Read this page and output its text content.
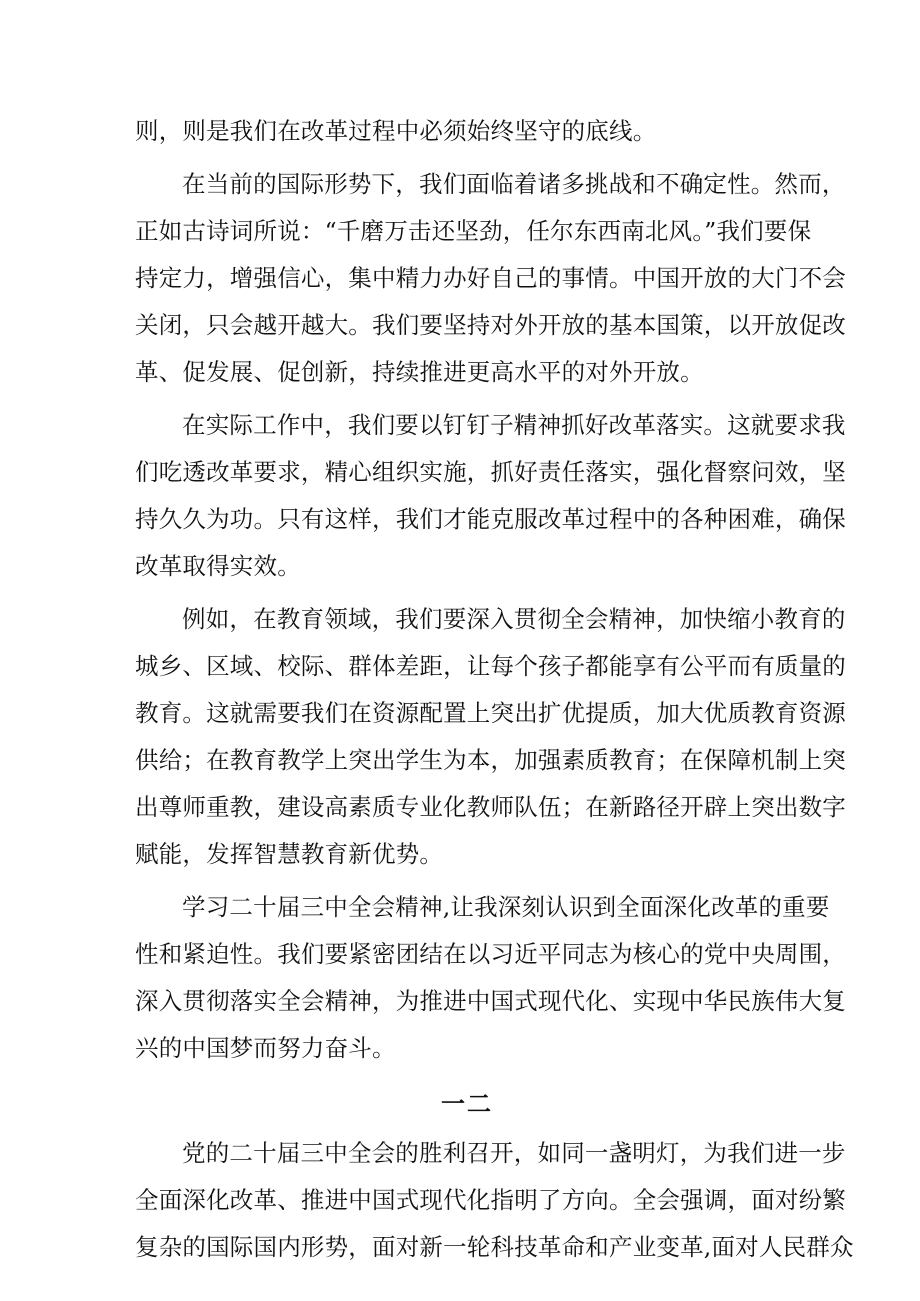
则，则是我们在改革过程中必须始终坚守的底线。
在当前的国际形势下，我们面临着诸多挑战和不确定性。然而，
正如古诗词所说：“千磨万击还坚劲，任尔东西南北风。”我们要保
持定力，增强信心，集中精力办好自己的事情。中国开放的大门不会
关闭，只会越开越大。我们要坚持对外开放的基本国策，以开放促改
革、促发展、促创新，持续推进更高水平的对外开放。
在实际工作中，我们要以钉钉子精神抓好改革落实。这就要求我
们吃透改革要求，精心组织实施，抓好责任落实，强化督察问效，坚
持久久为功。只有这样，我们才能克服改革过程中的各种困难，确保
改革取得实效。
例如，在教育领域，我们要深入贯彻全会精神，加快缩小教育的
城乡、区域、校际、群体差距，让每个孩子都能享有公平而有质量的
教育。这就需要我们在资源配置上突出扩优提质，加大优质教育资源
供给；在教育教学上突出学生为本，加强素质教育；在保障机制上突
出尊师重教，建设高素质专业化教师队伍；在新路径开辟上突出数字
赋能，发挥智慧教育新优势。
学习二十届三中全会精神,让我深刻认识到全面深化改革的重要
性和紧迫性。我们要紧密团结在以习近平同志为核心的党中央周围，
深入贯彻落实全会精神，为推进中国式现代化、实现中华民族伟大复
兴的中国梦而努力奋斗。
一二
党的二十届三中全会的胜利召开，如同一盏明灯，为我们进一步
全面深化改革、推进中国式现代化指明了方向。全会强调，面对纷繁
复杂的国际国内形势，面对新一轮科技革命和产业变革,面对人民群众
